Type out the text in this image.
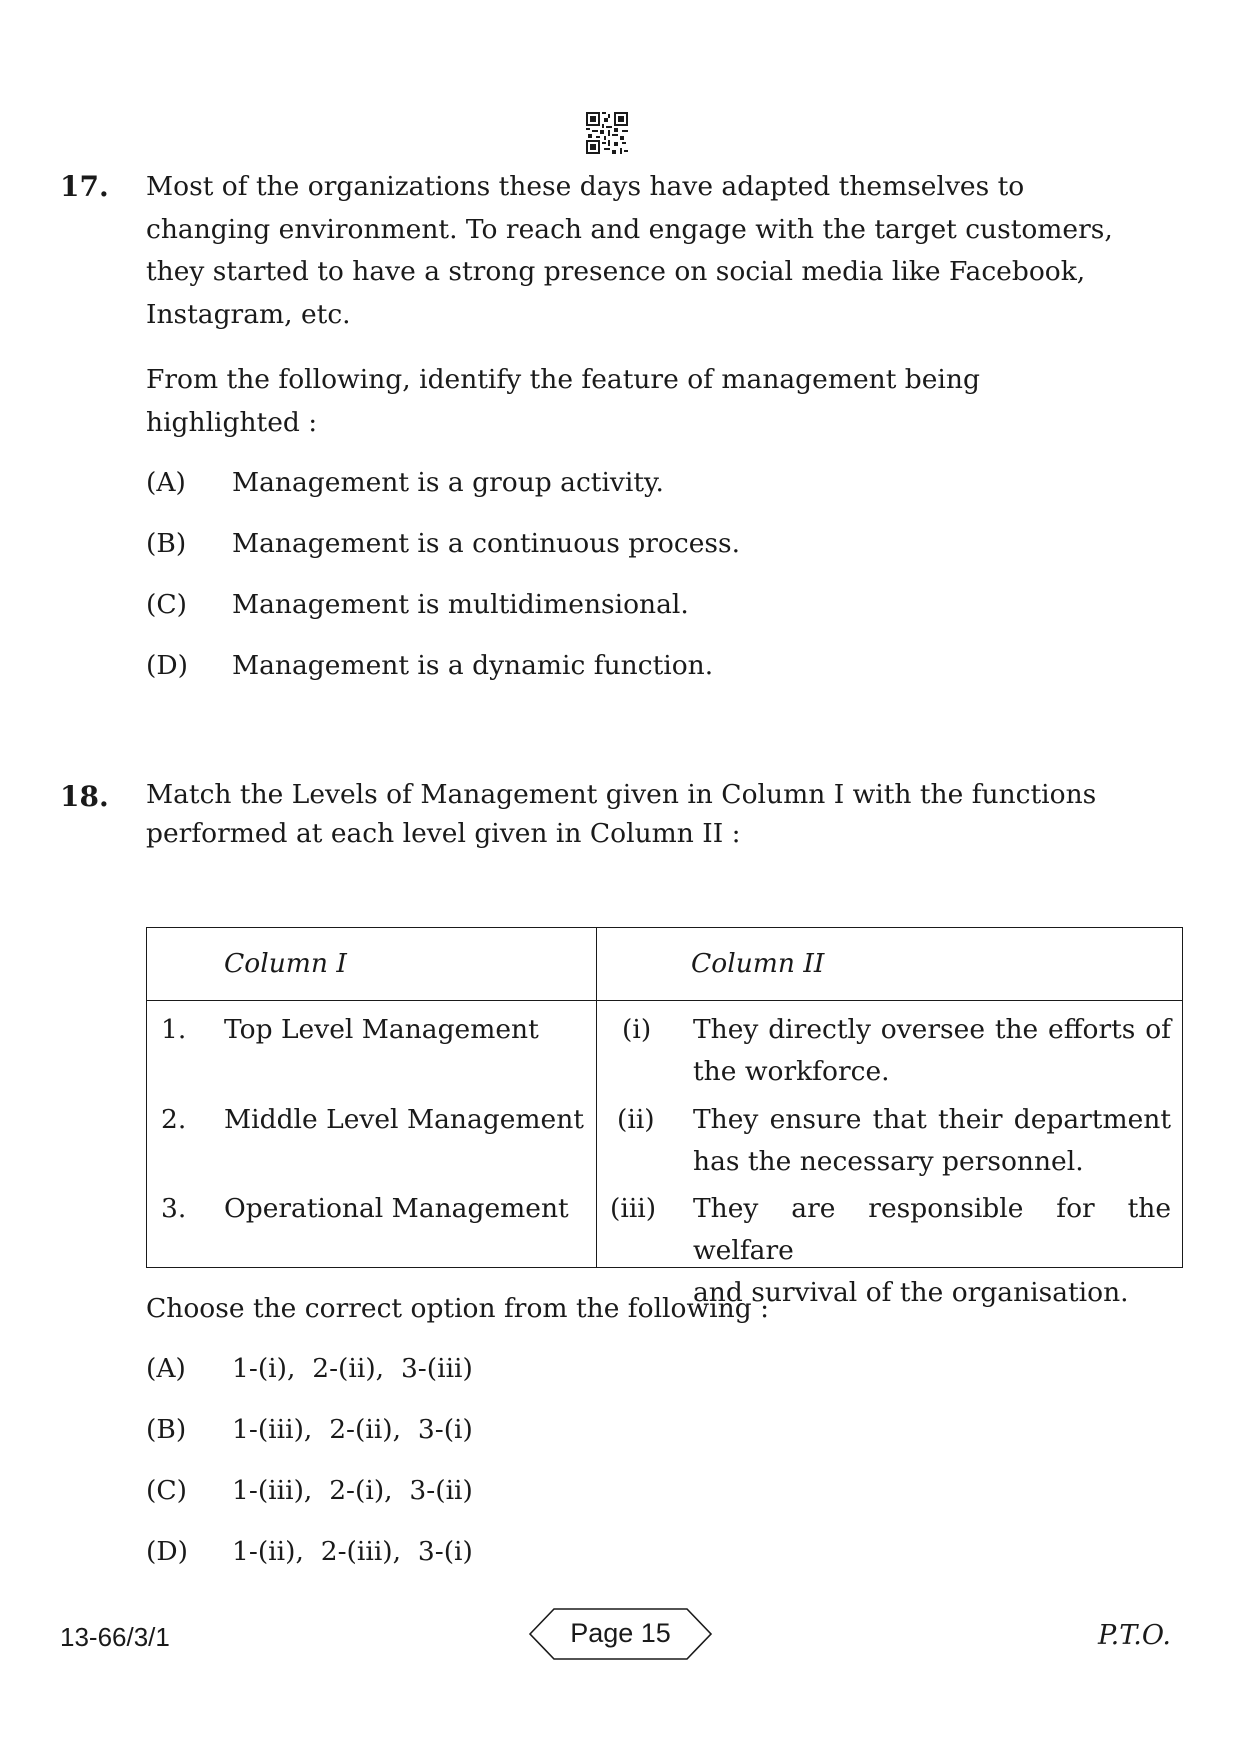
17. Most of the organizations these days have adapted themselves to
changing environment. To reach and engage with the target customers,
they started to have a strong presence on social media like Facebook,
Instagram, etc.
From the following, identify the feature of management being
highlighted :
(A) Management is a group activity.
(B) Management is a continuous process.
(C) Management is multidimensional.
(D) Management is a dynamic function.
18. Match the Levels of Management given in Column I with the functions
performed at each level given in Column II :
Column I	Column II
1. Top Level Management	(i) They directly oversee the efforts of
the workforce.
2. Middle Level Management (ii) They ensure that their department
has the necessary personnel.
3. Operational Management (iii) They are responsible for the welfare
and survival of the organisation.
Choose the correct option from the following :
(A) 1-(i),  2-(ii),  3-(iii)
(B) 1-(iii),  2-(ii),  3-(i)
(C) 1-(iii),  2-(i),  3-(ii)
(D) 1-(ii),  2-(iii),  3-(i)
13-66/3/1	Page 15	P.T.O.
